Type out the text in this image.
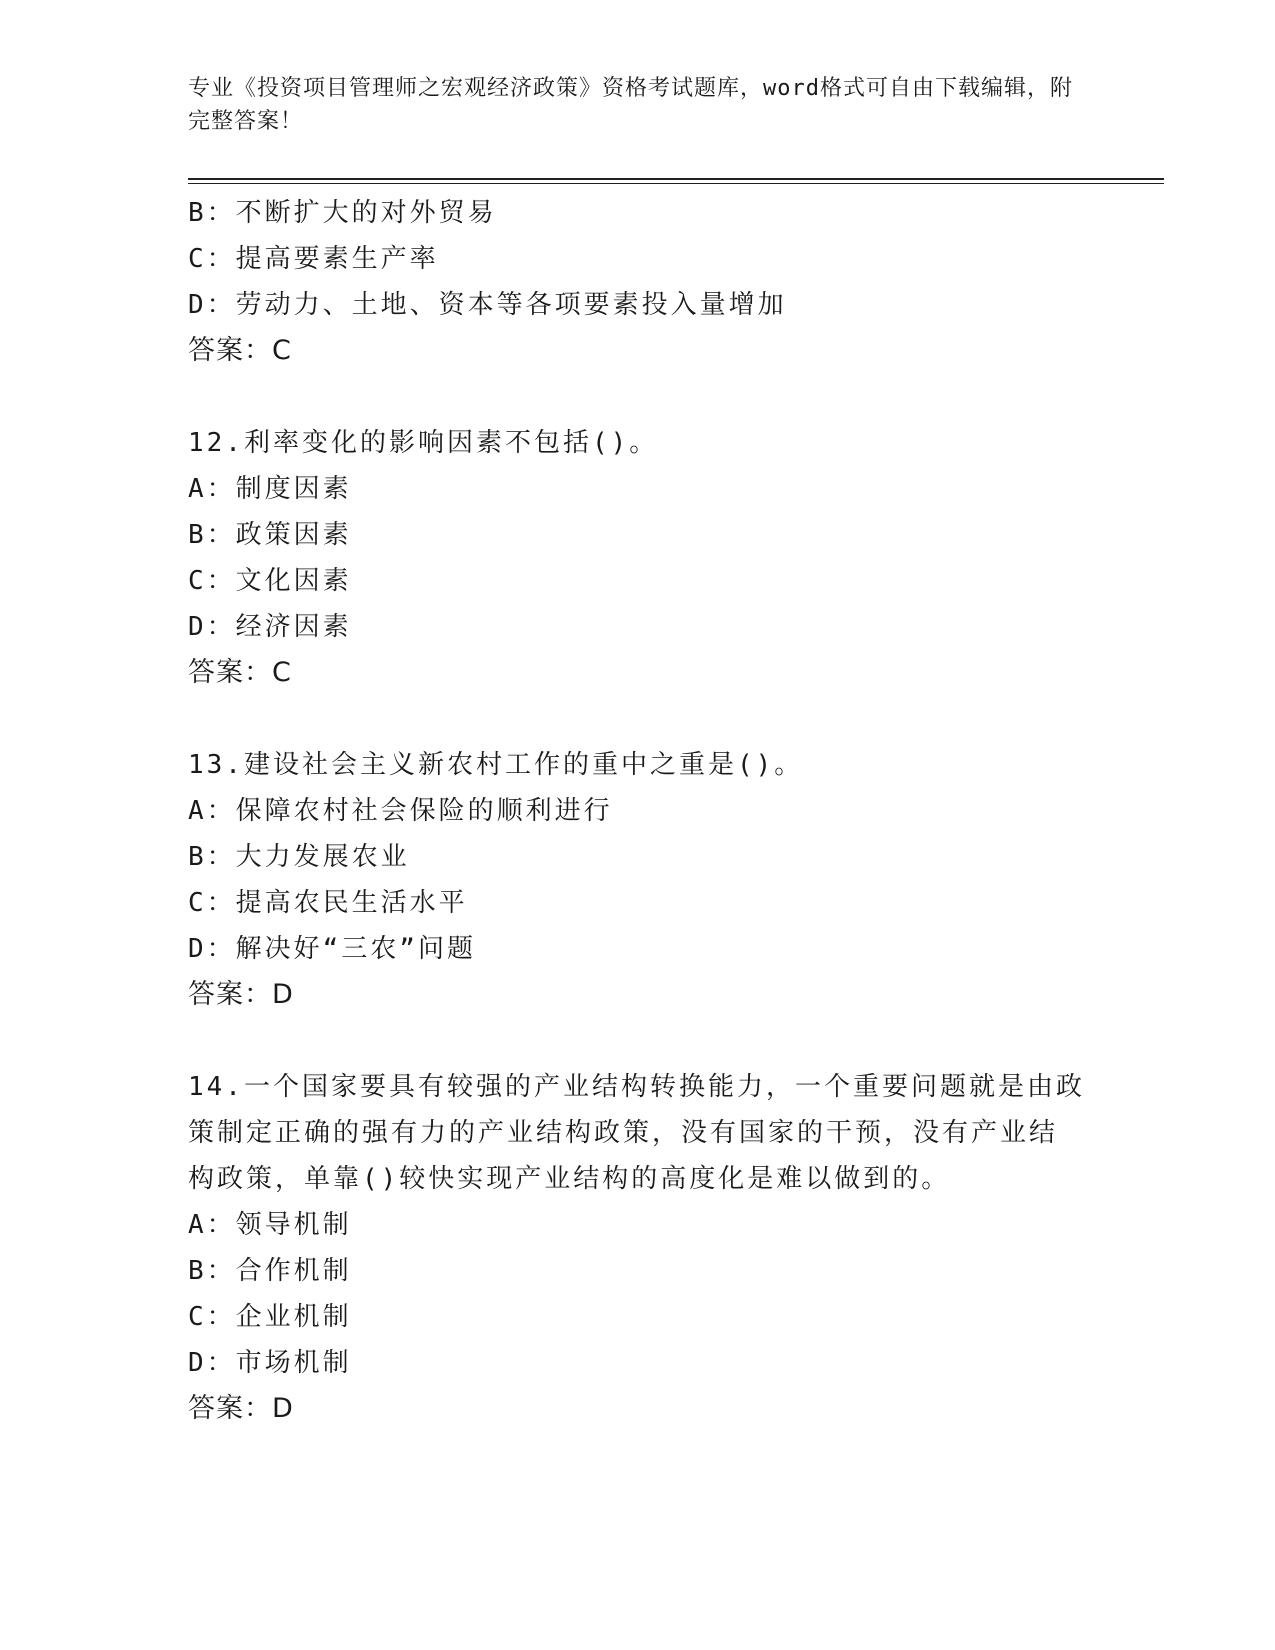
专业《投资项目管理师之宏观经济政策》资格考试题库，word格式可自由下载编辑，附完整答案！
B：不断扩大的对外贸易
C：提高要素生产率
D：劳动力、土地、资本等各项要素投入量增加
答案：C
12.利率变化的影响因素不包括()。
A：制度因素
B：政策因素
C：文化因素
D：经济因素
答案：C
13.建设社会主义新农村工作的重中之重是()。
A：保障农村社会保险的顺利进行
B：大力发展农业
C：提高农民生活水平
D：解决好“三农”问题
答案：D
14.一个国家要具有较强的产业结构转换能力，一个重要问题就是由政
策制定正确的强有力的产业结构政策，没有国家的干预，没有产业结
构政策，单靠()较快实现产业结构的高度化是难以做到的。
A：领导机制
B：合作机制
C：企业机制
D：市场机制
答案：D
